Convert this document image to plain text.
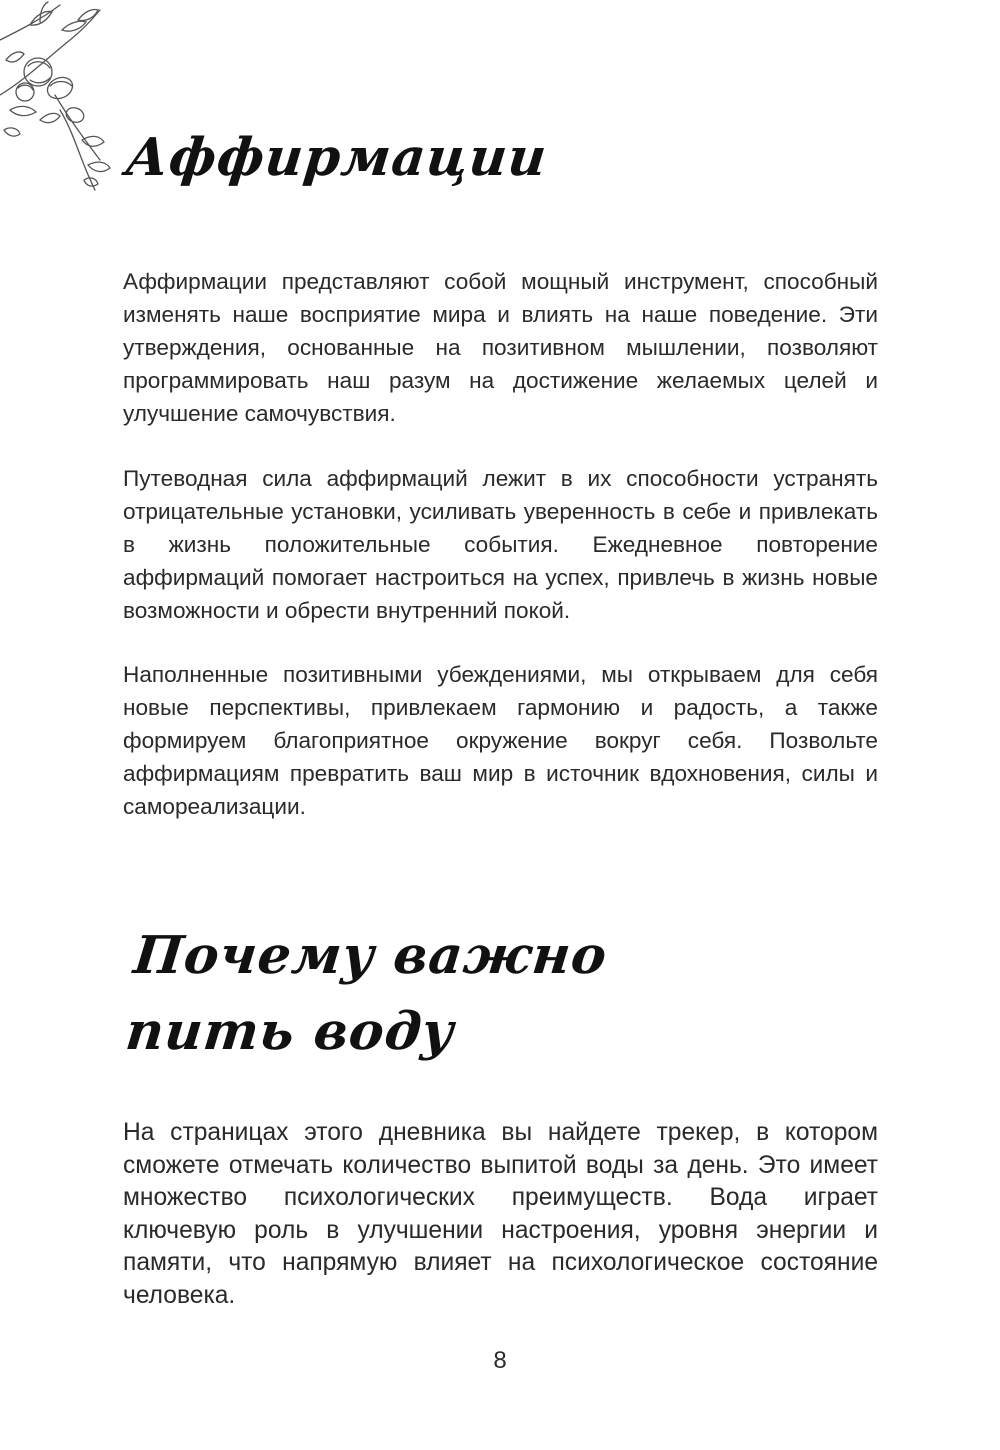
Аффирмации

Аффирмации представляют собой мощный инструмент, способный изменять наше восприятие мира и влиять на наше поведение. Эти утверждения, основанные на позитивном мышлении, позволяют программировать наш разум на достижение желаемых целей и улучшение самочувствия.

Путеводная сила аффирмаций лежит в их способности устранять отрицательные установки, усиливать уверенность в себе и привлекать в жизнь положительные события. Ежедневное повторение аффирмаций помогает настроиться на успех, привлечь в жизнь новые возможности и обрести внутренний покой.

Наполненные позитивными убеждениями, мы открываем для себя новые перспективы, привлекаем гармонию и радость, а также формируем благоприятное окружение вокруг себя. Позвольте аффирмациям превратить ваш мир в источник вдохновения, силы и самореализации.

Почему важно пить воду

На страницах этого дневника вы найдете трекер, в котором сможете отмечать количество выпитой воды за день. Это имеет множество психологических преимуществ. Вода играет ключевую роль в улучшении настроения, уровня энергии и памяти, что напрямую влияет на психологическое состояние человека.

8
